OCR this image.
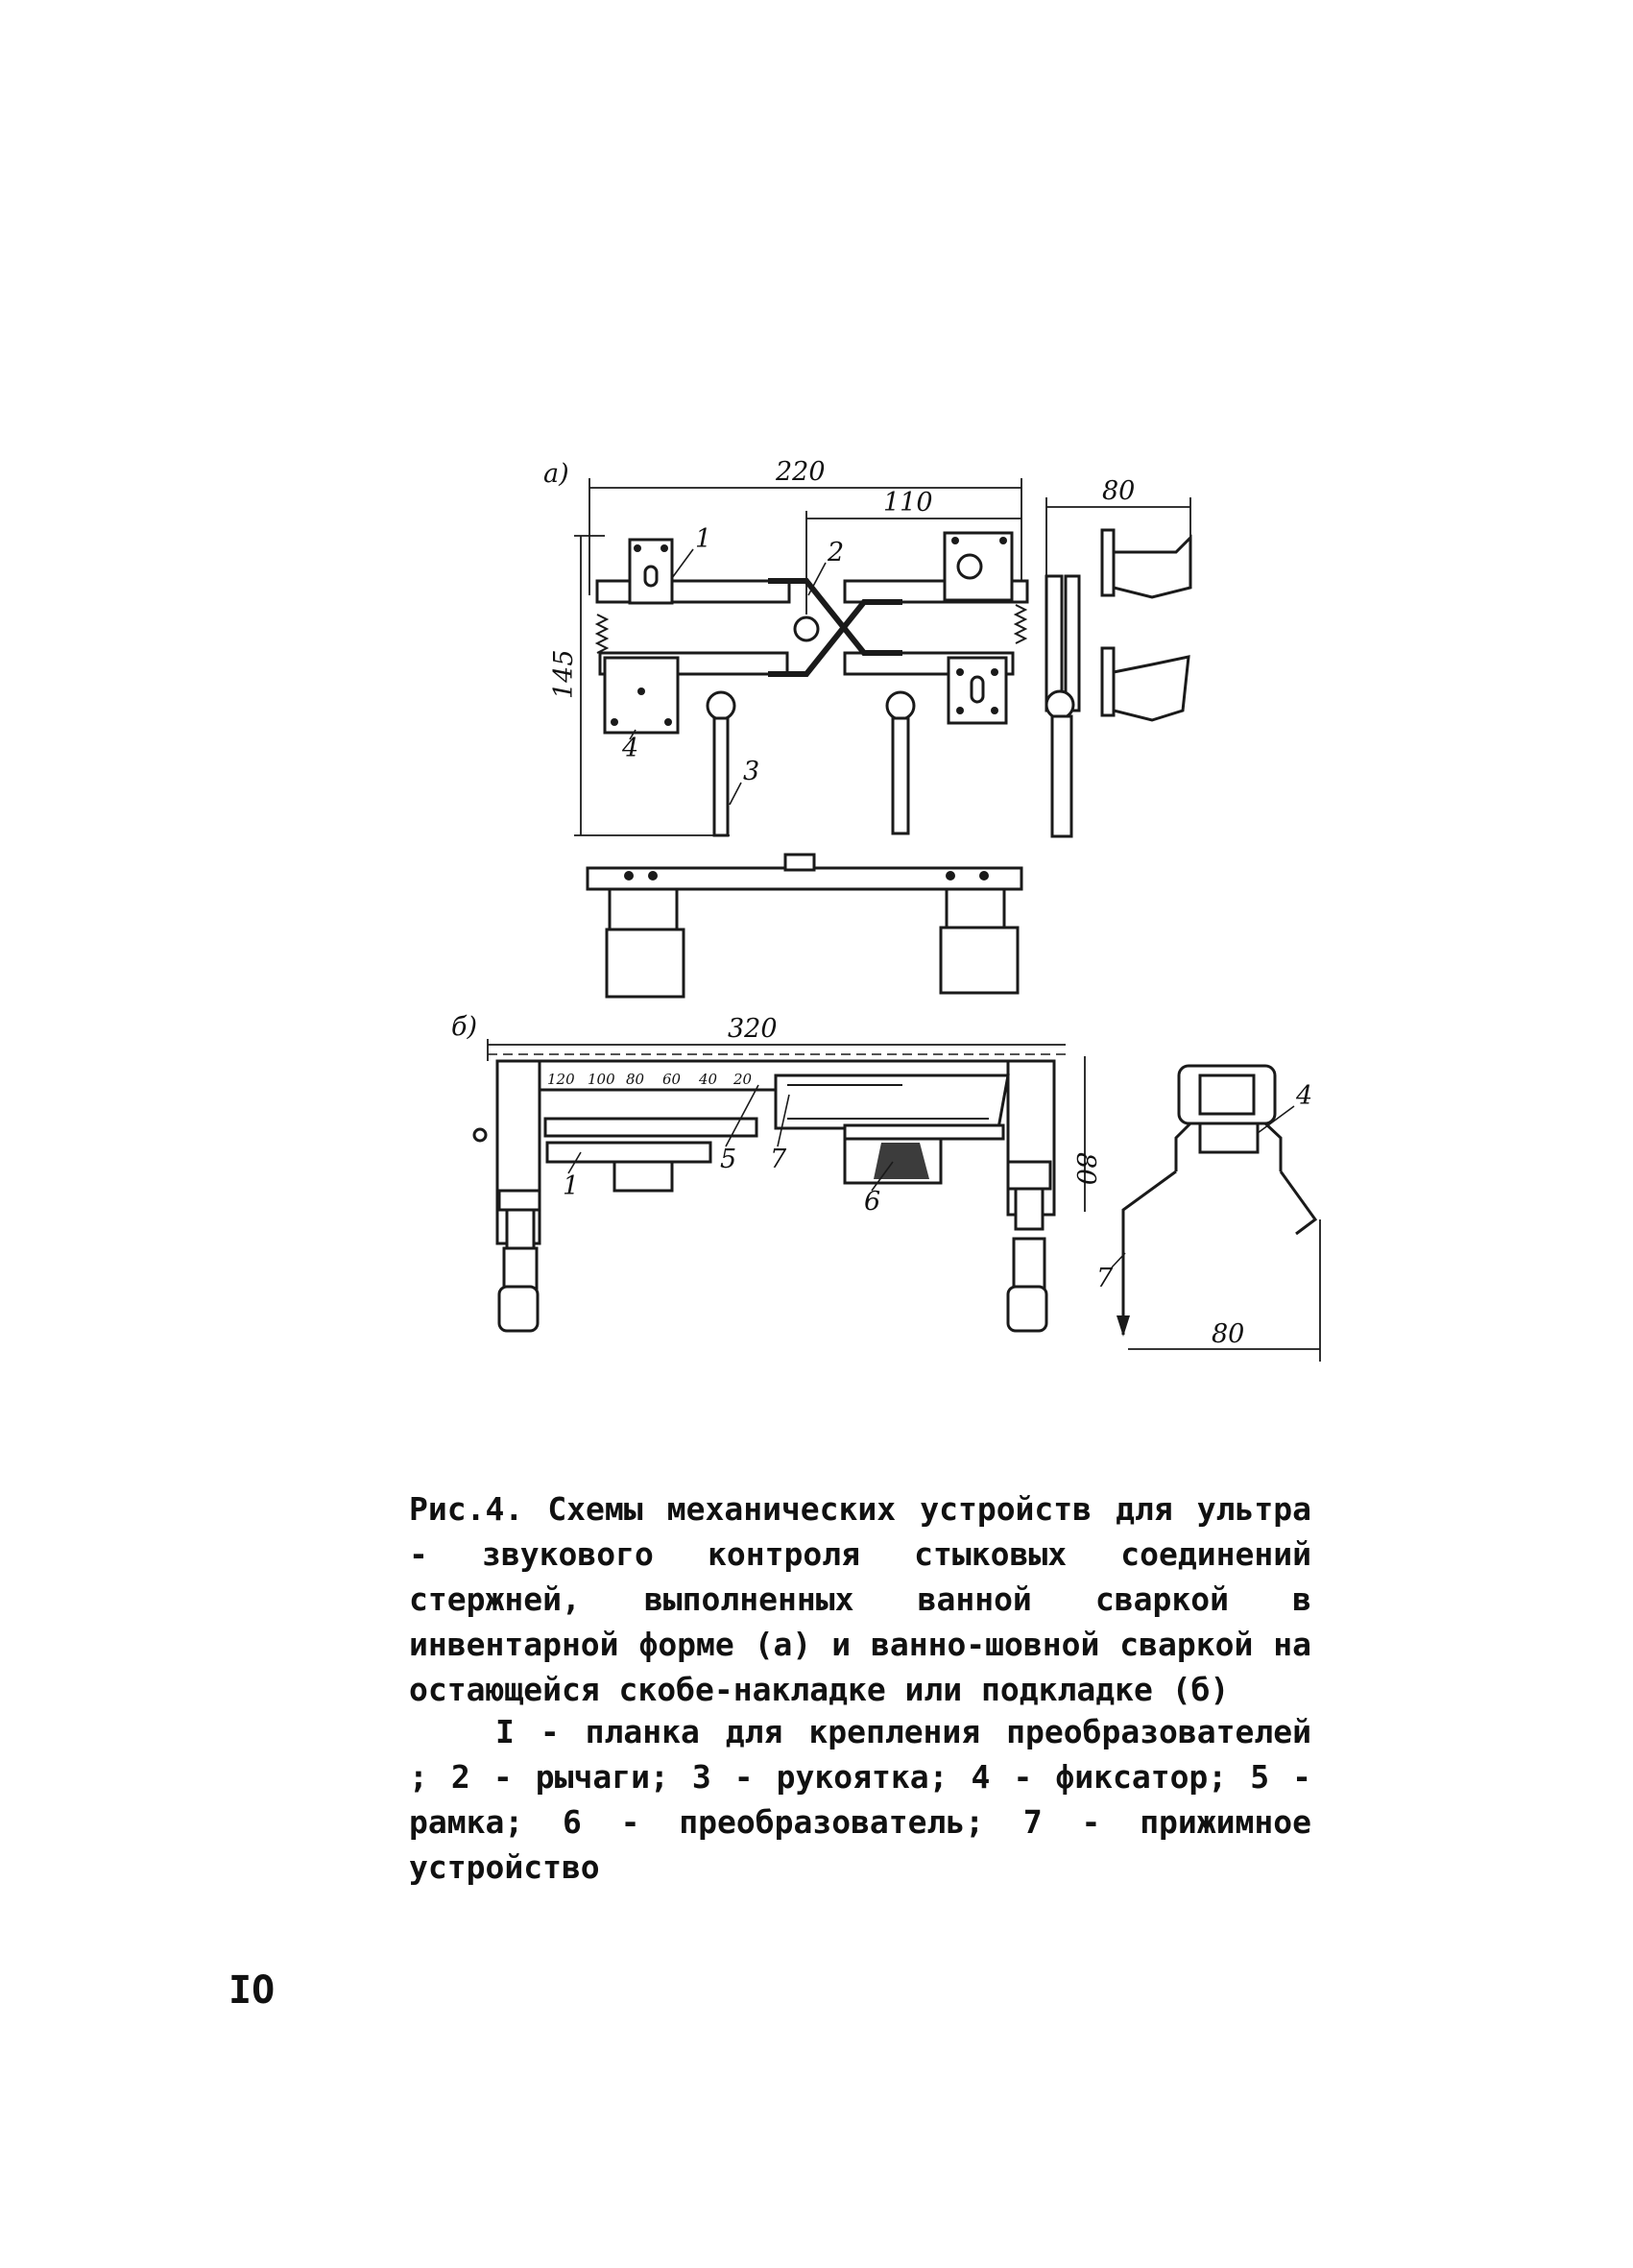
a)	220
110
145
1	2
3
4
80
б)	320
120 100 80 60 40 20
80
1
5 7
6
80
4
7

Рис.4. Схемы механических устройств для ультра - звукового контроля стыковых соединений стержней, выполненных ванной сваркой в инвентарной форме (а) и ванно-шовной сваркой на остающейся скобе-накладке или подкладке (б)

I - планка для крепления преобразователей ; 2 - рычаги; 3 - рукоятка; 4 - фиксатор; 5 - рамка; 6 - преобразователь; 7 - прижимное устройство

IO
